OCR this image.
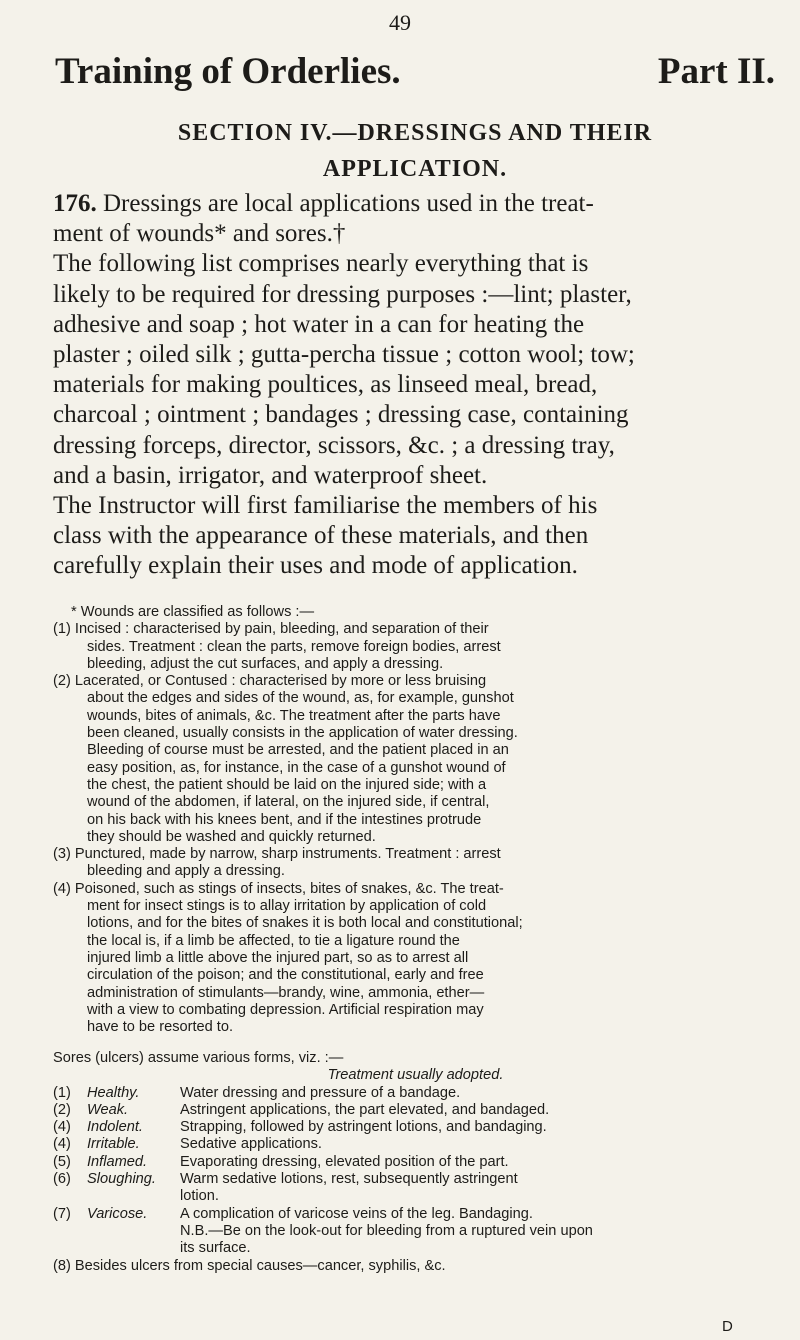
49
Training of Orderlies.	Part II.
SECTION IV.—DRESSINGS AND THEIR
APPLICATION.
176. Dressings are local applications used in the treat-
ment of wounds* and sores.†
The following list comprises nearly everything that is
likely to be required for dressing purposes :—lint; plaster,
adhesive and soap ; hot water in a can for heating the
plaster ; oiled silk ; gutta-percha tissue ; cotton wool; tow;
materials for making poultices, as linseed meal, bread,
charcoal ; ointment ; bandages ; dressing case, containing
dressing forceps, director, scissors, &c. ; a dressing tray,
and a basin, irrigator, and waterproof sheet.
The Instructor will first familiarise the members of his
class with the appearance of these materials, and then
carefully explain their uses and mode of application.
* Wounds are classified as follows :—
(1) Incised : characterised by pain, bleeding, and separation of their
sides. Treatment : clean the parts, remove foreign bodies, arrest
bleeding, adjust the cut surfaces, and apply a dressing.
(2) Lacerated, or Contused : characterised by more or less bruising
about the edges and sides of the wound, as, for example, gunshot
wounds, bites of animals, &c. The treatment after the parts have
been cleaned, usually consists in the application of water dressing.
Bleeding of course must be arrested, and the patient placed in an
easy position, as, for instance, in the case of a gunshot wound of
the chest, the patient should be laid on the injured side; with a
wound of the abdomen, if lateral, on the injured side, if central,
on his back with his knees bent, and if the intestines protrude
they should be washed and quickly returned.
(3) Punctured, made by narrow, sharp instruments. Treatment : arrest
bleeding and apply a dressing.
(4) Poisoned, such as stings of insects, bites of snakes, &c. The treat-
ment for insect stings is to allay irritation by application of cold
lotions, and for the bites of snakes it is both local and constitutional;
the local is, if a limb be affected, to tie a ligature round the
injured limb a little above the injured part, so as to arrest all
circulation of the poison; and the constitutional, early and free
administration of stimulants—brandy, wine, ammonia, ether—
with a view to combating depression. Artificial respiration may
have to be resorted to.
Sores (ulcers) assume various forms, viz. :—
Treatment usually adopted.
(1)	Healthy.	Water dressing and pressure of a bandage.
(2)	Weak.	Astringent applications, the part elevated, and bandaged.
(4)	Indolent.	Strapping, followed by astringent lotions, and bandaging.
(4)	Irritable.	Sedative applications.
(5)	Inflamed.	Evaporating dressing, elevated position of the part.
(6)	Sloughing.	Warm sedative lotions, rest, subsequently astringent
lotion.
(7)	Varicose.	A complication of varicose veins of the leg. Bandaging.
N.B.—Be on the look-out for bleeding from a ruptured vein upon
its surface.
(8) Besides ulcers from special causes—cancer, syphilis, &c.
D
